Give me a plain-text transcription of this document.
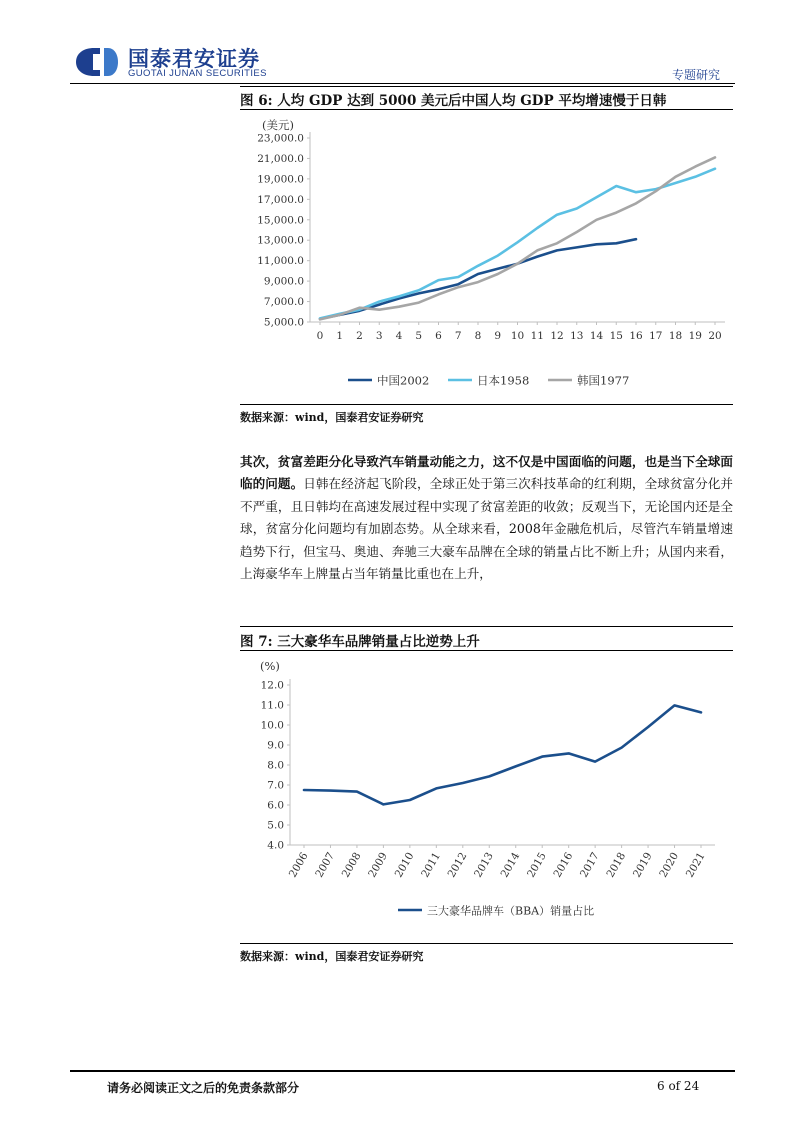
国泰君安证券
GUOTAI JUNAN SECURITIES	专题研究
图 6: 人均 GDP 达到 5000 美元后中国人均 GDP 平均增速慢于日韩
(美元)
5,000.0
7,000.0
9,000.0
11,000.0
13,000.0
15,000.0
17,000.0
19,000.0
21,000.0
23,000.0
0 1 2 3 4 5 6 7 8 9 10 11 12 13 14 15 16 17 18 19 20
中国2002	日本1958	韩国1977
数据来源：wind，国泰君安证券研究
其次，贫富差距分化导致汽车销量动能之力，这不仅是中国面临的问题，也是当下全球面临的问题。日韩在经济起飞阶段，全球正处于第三次科技革命的红利期，全球贫富分化并不严重，且日韩均在高速发展过程中实现了贫富差距的收敛；反观当下，无论国内还是全球，贫富分化问题均有加剧态势。从全球来看，2008年金融危机后，尽管汽车销量增速趋势下行，但宝马、奥迪、奔驰三大豪车品牌在全球的销量占比不断上升；从国内来看，上海豪华车上牌量占当年销量比重也在上升，
图 7: 三大豪华车品牌销量占比逆势上升
(%)
4.0
5.0
6.0
7.0
8.0
9.0
10.0
11.0
12.0
2006 2007 2008 2009 2010 2011 2012 2013 2014 2015 2016 2017 2018 2019 2020 2021
三大豪华品牌车（BBA）销量占比
数据来源：wind，国泰君安证券研究
请务必阅读正文之后的免责条款部分	6 of 24
